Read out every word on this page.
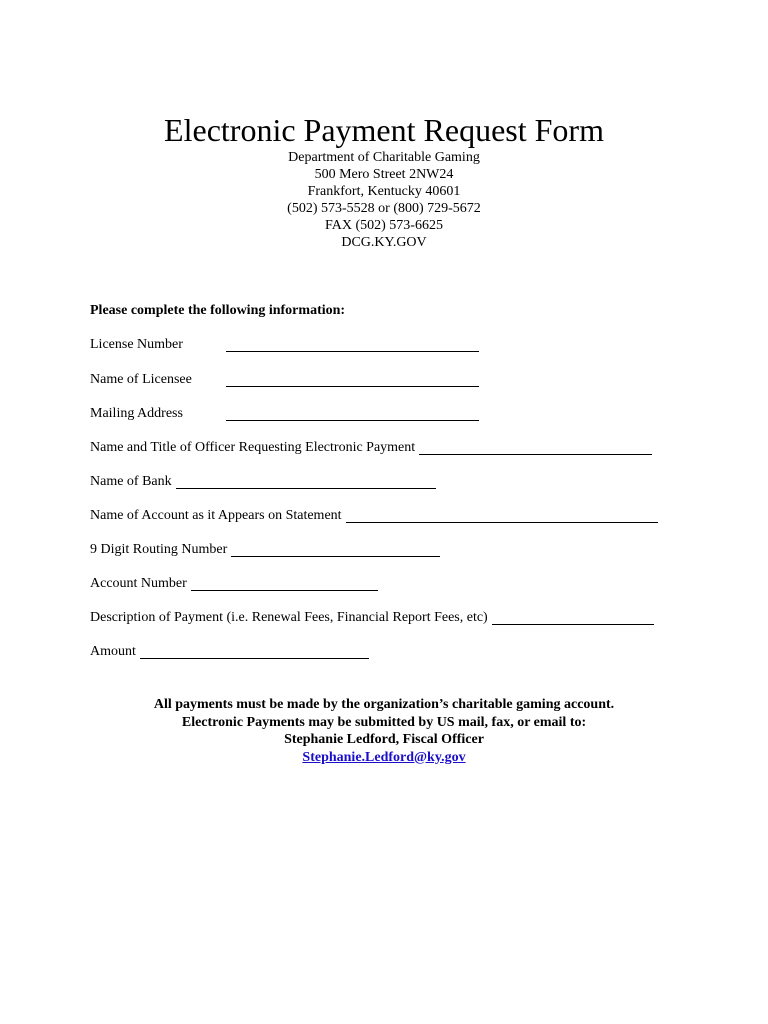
Electronic Payment Request Form
Department of Charitable Gaming
500 Mero Street 2NW24
Frankfort, Kentucky 40601
(502) 573-5528 or (800) 729-5672
FAX (502) 573-6625
DCG.KY.GOV
Please complete the following information:
License Number
Name of Licensee
Mailing Address
Name and Title of Officer Requesting Electronic Payment
Name of Bank
Name of Account as it Appears on Statement
9 Digit Routing Number
Account Number
Description of Payment (i.e. Renewal Fees, Financial Report Fees, etc)
Amount
All payments must be made by the organization’s charitable gaming account.
Electronic Payments may be submitted by US mail, fax, or email to:
Stephanie Ledford, Fiscal Officer
Stephanie.Ledford@ky.gov
